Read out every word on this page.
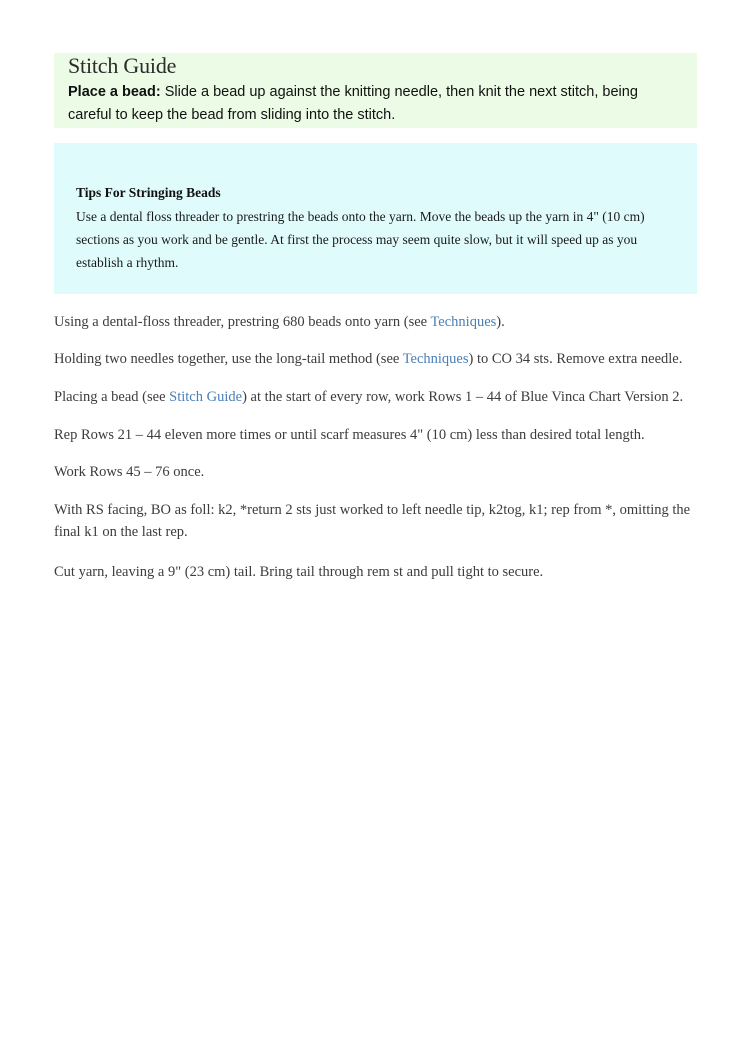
Stitch Guide

Place a bead: Slide a bead up against the knitting needle, then knit the next stitch, being careful to keep the bead from sliding into the stitch.

Tips For Stringing Beads

Use a dental floss threader to prestring the beads onto the yarn. Move the beads up the yarn in 4" (10 cm) sections as you work and be gentle. At first the process may seem quite slow, but it will speed up as you establish a rhythm.

Using a dental-floss threader, prestring 680 beads onto yarn (see Techniques).

Holding two needles together, use the long-tail method (see Techniques) to CO 34 sts. Remove extra needle.

Placing a bead (see Stitch Guide) at the start of every row, work Rows 1 – 44 of Blue Vinca Chart Version 2.

Rep Rows 21 – 44 eleven more times or until scarf measures 4" (10 cm) less than desired total length.

Work Rows 45 – 76 once.

With RS facing, BO as foll: k2, *return 2 sts just worked to left needle tip, k2tog, k1; rep from *, omitting the final k1 on the last rep.

Cut yarn, leaving a 9" (23 cm) tail. Bring tail through rem st and pull tight to secure.
